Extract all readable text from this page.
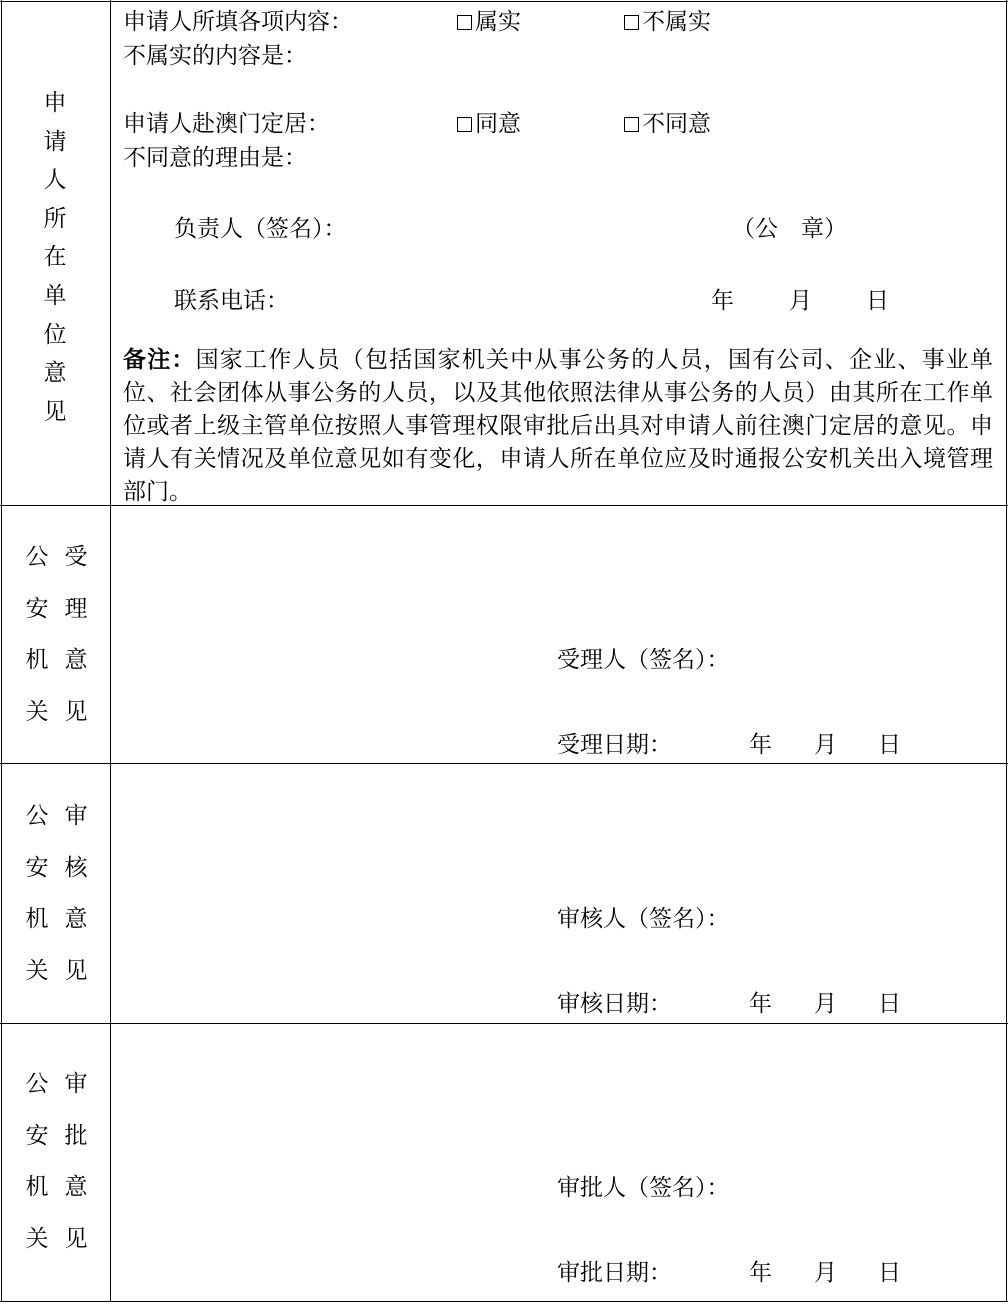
申请人所在单位意见
申请人所填各项内容：	属实	不属实
不属实的内容是：
申请人赴澳门定居：	同意	不同意
不同意的理由是：
负责人（签名）：	（公　章）
联系电话：	年 月 日
备注：国家工作人员（包括国家机关中从事公务的人员，国有公司、企业、事业单位、社会团体从事公务的人员，以及其他依照法律从事公务的人员）由其所在工作单位或者上级主管单位按照人事管理权限审批后出具对申请人前往澳门定居的意见。申请人有关情况及单位意见如有变化，申请人所在单位应及时通报公安机关出入境管理部门。
公
安
机
关
受
理
意
见
受理人（签名）：
受理日期：	年 月 日
公
安
机
关
审
核
意
见
审核人（签名）：
审核日期：	年 月 日
公
安
机
关
审
批
意
见
审批人（签名）：
审批日期：	年 月 日
